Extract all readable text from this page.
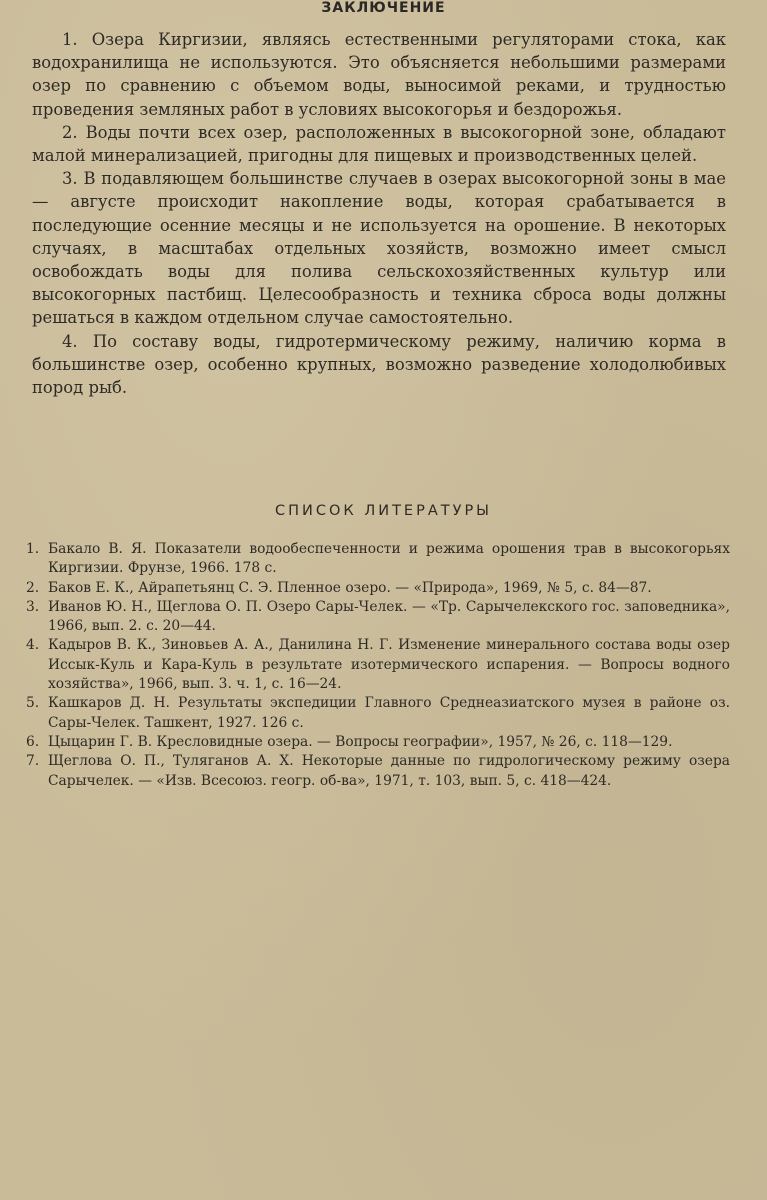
ЗАКЛЮЧЕНИЕ

1. Озера Киргизии, являясь естественными регуляторами стока, как водохранилища не используются. Это объясняется небольшими размерами озер по сравнению с объемом воды, выносимой реками, и трудностью проведения земляных работ в условиях высокогорья и бездорожья.

2. Воды почти всех озер, расположенных в высокогорной зоне, обладают малой минерализацией, пригодны для пищевых и производственных целей.

3. В подавляющем большинстве случаев в озерах высокогорной зоны в мае — августе происходит накопление воды, которая срабатывается в последующие осенние месяцы и не используется на орошение. В некоторых случаях, в масштабах отдельных хозяйств, возможно имеет смысл освобождать воды для полива сельскохозяйственных культур или высокогорных пастбищ. Целесообразность и техника сброса воды должны решаться в каждом отдельном случае самостоятельно.

4. По составу воды, гидротермическому режиму, наличию корма в большинстве озер, особенно крупных, возможно разведение холодолюбивых пород рыб.

СПИСОК ЛИТЕРАТУРЫ
1. Бакало В. Я. Показатели водообеспеченности и режима орошения трав в высокогорьях Киргизии. Фрунзе, 1966. 178 с.
2. Баков Е. К., Айрапетьянц С. Э. Пленное озеро. — «Природа», 1969, № 5, с. 84—87.
3. Иванов Ю. Н., Щеглова О. П. Озеро Сары-Челек. — «Тр. Сарычелекского гос. заповедника», 1966, вып. 2. с. 20—44.
4. Кадыров В. К., Зиновьев А. А., Данилина Н. Г. Изменение минерального состава воды озер Иссык-Куль и Кара-Куль в результате изотермического испарения. — Вопросы водного хозяйства», 1966, вып. 3. ч. 1, с. 16—24.
5. Кашкаров Д. Н. Результаты экспедиции Главного Среднеазиатского музея в районе оз. Сары-Челек. Ташкент, 1927. 126 с.
6. Цыцарин Г. В. Кресловидные озера. — Вопросы географии», 1957, № 26, с. 118—129.
7. Щеглова О. П., Туляганов А. Х. Некоторые данные по гидрологическому режиму озера Сарычелек. — «Изв. Всесоюз. геогр. об-ва», 1971, т. 103, вып. 5, с. 418—424.
